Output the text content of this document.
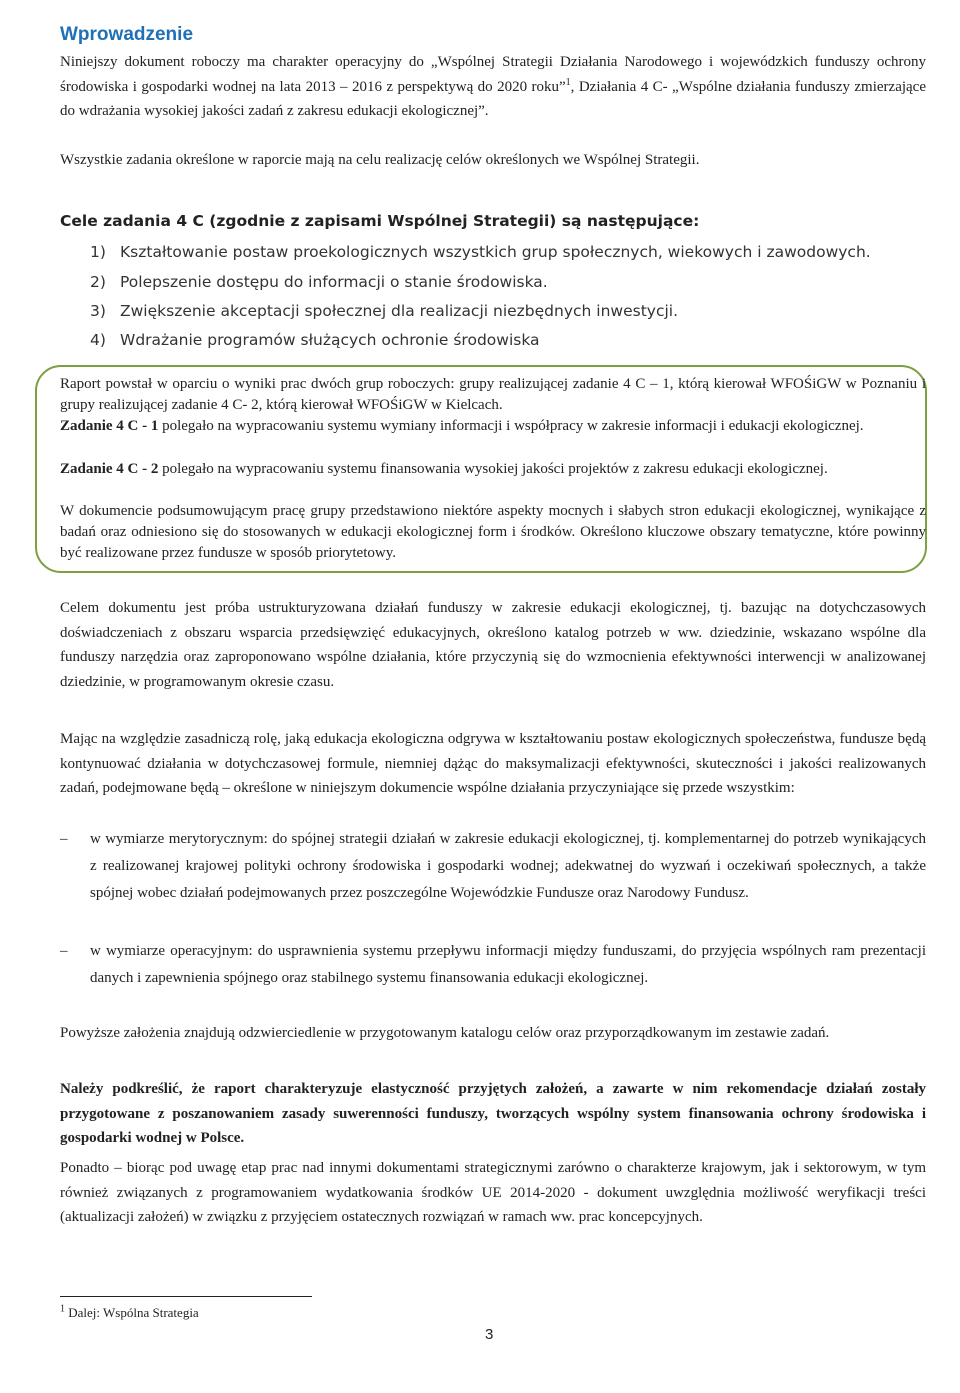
Wprowadzenie

Niniejszy dokument roboczy ma charakter operacyjny do „Wspólnej Strategii Działania Narodowego i wojewódzkich funduszy ochrony środowiska i gospodarki wodnej na lata 2013 – 2016 z perspektywą do 2020 roku”$^1$, Działania 4 C- „Wspólne działania funduszy zmierzające do wdrażania wysokiej jakości zadań z zakresu edukacji ekologicznej”.

Wszystkie zadania określone w raporcie mają na celu realizację celów określonych we Wspólnej Strategii.

Cele zadania 4 C (zgodnie z zapisami Wspólnej Strategii) są następujące:

1) Kształtowanie postaw proekologicznych wszystkich grup społecznych, wiekowych i zawodowych.

2) Polepszenie dostępu do informacji o stanie środowiska.

3) Zwiększenie akceptacji społecznej dla realizacji niezbędnych inwestycji.

4) Wdrażanie programów służących ochronie środowiska

Raport powstał w oparciu o wyniki prac dwóch grup roboczych: grupy realizującej zadanie 4 C – 1, którą kierował WFOŚiGW w Poznaniu i grupy realizującej zadanie 4 C- 2, którą kierował WFOŚiGW w Kielcach.

Zadanie 4 C - 1 polegało na wypracowaniu systemu wymiany informacji i współpracy w zakresie informacji i edukacji ekologicznej.

Zadanie 4 C - 2 polegało na wypracowaniu systemu finansowania wysokiej jakości projektów z zakresu edukacji ekologicznej.

W dokumencie podsumowującym pracę grupy przedstawiono niektóre aspekty mocnych i słabych stron edukacji ekologicznej, wynikające z badań oraz odniesiono się do stosowanych w edukacji ekologicznej form i środków. Określono kluczowe obszary tematyczne, które powinny być realizowane przez fundusze w sposób priorytetowy.

Celem dokumentu jest próba ustrukturyzowana działań funduszy w zakresie edukacji ekologicznej, tj. bazując na dotychczasowych doświadczeniach z obszaru wsparcia przedsięwzięć edukacyjnych, określono katalog potrzeb w ww. dziedzinie, wskazano wspólne dla funduszy narzędzia oraz zaproponowano wspólne działania, które przyczynią się do wzmocnienia efektywności interwencji w analizowanej dziedzinie, w programowanym okresie czasu.

Mając na względzie zasadniczą rolę, jaką edukacja ekologiczna odgrywa w kształtowaniu postaw ekologicznych społeczeństwa, fundusze będą kontynuować działania w dotychczasowej formule, niemniej dążąc do maksymalizacji efektywności, skuteczności i jakości realizowanych zadań, podejmowane będą – określone w niniejszym dokumencie wspólne działania przyczyniające się przede wszystkim:

– w wymiarze merytorycznym: do spójnej strategii działań w zakresie edukacji ekologicznej, tj. komplementarnej do potrzeb wynikających z realizowanej krajowej polityki ochrony środowiska i gospodarki wodnej; adekwatnej do wyzwań i oczekiwań społecznych, a także spójnej wobec działań podejmowanych przez poszczególne Wojewódzkie Fundusze oraz Narodowy Fundusz.

– w wymiarze operacyjnym: do usprawnienia systemu przepływu informacji między funduszami, do przyjęcia wspólnych ram prezentacji danych i zapewnienia spójnego oraz stabilnego systemu finansowania edukacji ekologicznej.

Powyższe założenia znajdują odzwierciedlenie w przygotowanym katalogu celów oraz przyporządkowanym im zestawie zadań.

Należy podkreślić, że raport charakteryzuje elastyczność przyjętych założeń, a zawarte w nim rekomendacje działań zostały przygotowane z poszanowaniem zasady suwerenności funduszy, tworzących wspólny system finansowania ochrony środowiska i gospodarki wodnej w Polsce.

Ponadto – biorąc pod uwagę etap prac nad innymi dokumentami strategicznymi zarówno o charakterze krajowym, jak i sektorowym, w tym również związanych z programowaniem wydatkowania środków UE 2014-2020 - dokument uwzględnia możliwość weryfikacji treści (aktualizacji założeń) w związku z przyjęciem ostatecznych rozwiązań w ramach ww. prac koncepcyjnych.

$^1$ Dalej: Wspólna Strategia

3
